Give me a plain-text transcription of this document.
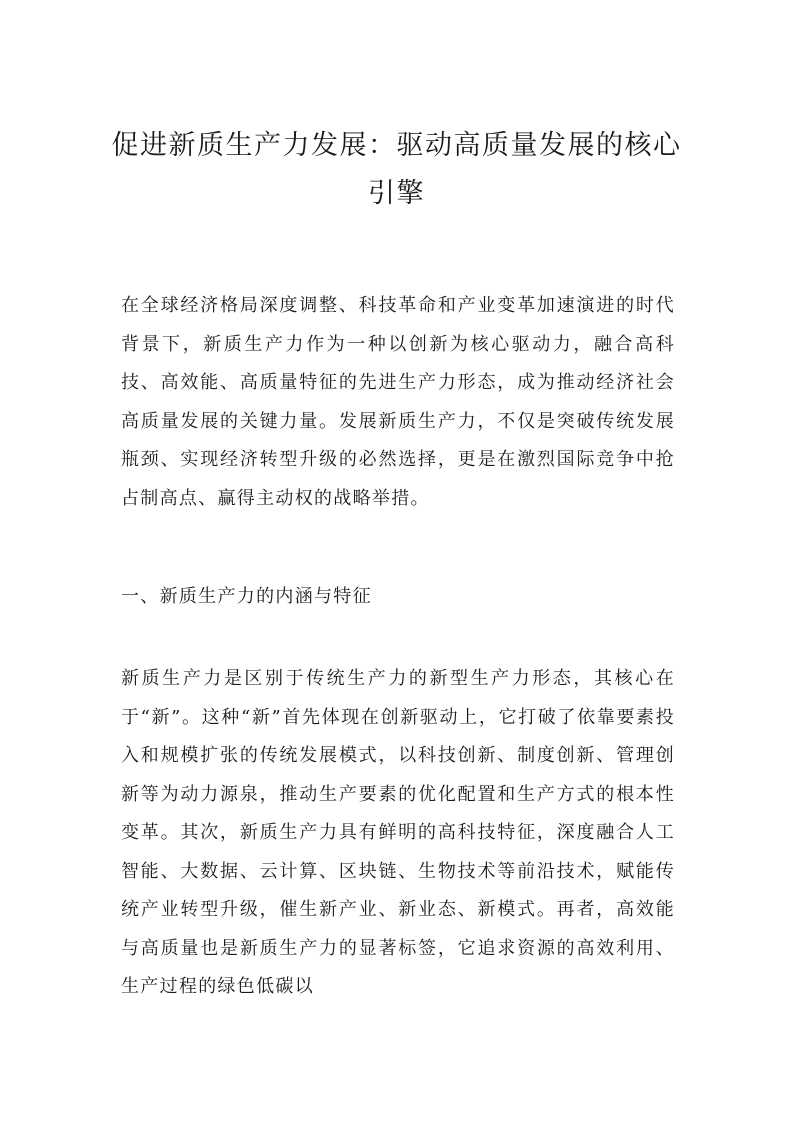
促进新质生产力发展：驱动高质量发展的核心引擎

在全球经济格局深度调整、科技革命和产业变革加速演进的时代背景下，新质生产力作为一种以创新为核心驱动力，融合高科技、高效能、高质量特征的先进生产力形态，成为推动经济社会高质量发展的关键力量。发展新质生产力，不仅是突破传统发展瓶颈、实现经济转型升级的必然选择，更是在激烈国际竞争中抢占制高点、赢得主动权的战略举措。

一、新质生产力的内涵与特征

新质生产力是区别于传统生产力的新型生产力形态，其核心在于“新”。这种“新”首先体现在创新驱动上，它打破了依靠要素投入和规模扩张的传统发展模式，以科技创新、制度创新、管理创新等为动力源泉，推动生产要素的优化配置和生产方式的根本性变革。其次，新质生产力具有鲜明的高科技特征，深度融合人工智能、大数据、云计算、区块链、生物技术等前沿技术，赋能传统产业转型升级，催生新产业、新业态、新模式。再者，高效能与高质量也是新质生产力的显著标签，它追求资源的高效利用、生产过程的绿色低碳以
